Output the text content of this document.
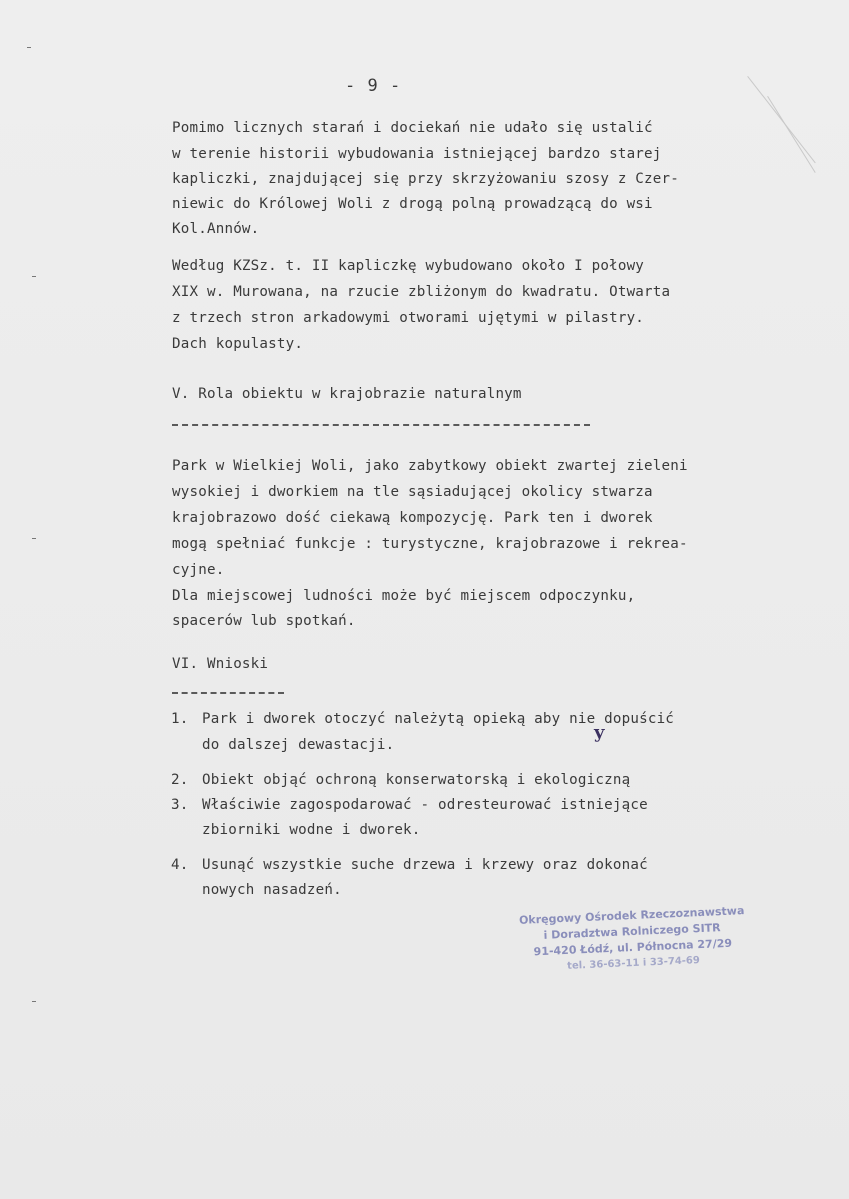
- 9 -
Pomimo licznych starań i dociekań nie udało się ustalić
w terenie historii wybudowania istniejącej bardzo starej
kapliczki, znajdującej się przy skrzyżowaniu szosy z Czer-
niewic do Królowej Woli z drogą polną prowadzącą do wsi
Kol.Annów.
Według KZSz. t. II kapliczkę wybudowano około I połowy
XIX w. Murowana, na rzucie zbliżonym do kwadratu. Otwarta
z trzech stron arkadowymi otworami ujętymi w pilastry.
Dach kopulasty.
V. Rola obiektu w krajobrazie naturalnym
Park w Wielkiej Woli, jako zabytkowy obiekt zwartej zieleni
wysokiej i dworkiem na tle sąsiadującej okolicy stwarza
krajobrazowo dość ciekawą kompozycję. Park ten i dworek
mogą spełniać funkcje : turystyczne, krajobrazowe i rekrea-
cyjne.
Dla miejscowej ludności może być miejscem odpoczynku,
spacerów lub spotkań.
VI. Wnioski
1. Park i dworek otoczyć należytą opieką aby nie dopuścić
do dalszej dewastacji.
y
2. Obiekt objąć ochroną konserwatorską i ekologiczną
3. Właściwie zagospodarować - odresteurować istniejące
zbiorniki wodne i dworek.
4. Usunąć wszystkie suche drzewa i krzewy oraz dokonać
nowych nasadzeń.
Okręgowy Ośrodek Rzeczoznawstwa
i Doradztwa Rolniczego SITR
91-420 Łódź, ul. Północna 27/29
tel. 36-63-11 i 33-74-69
